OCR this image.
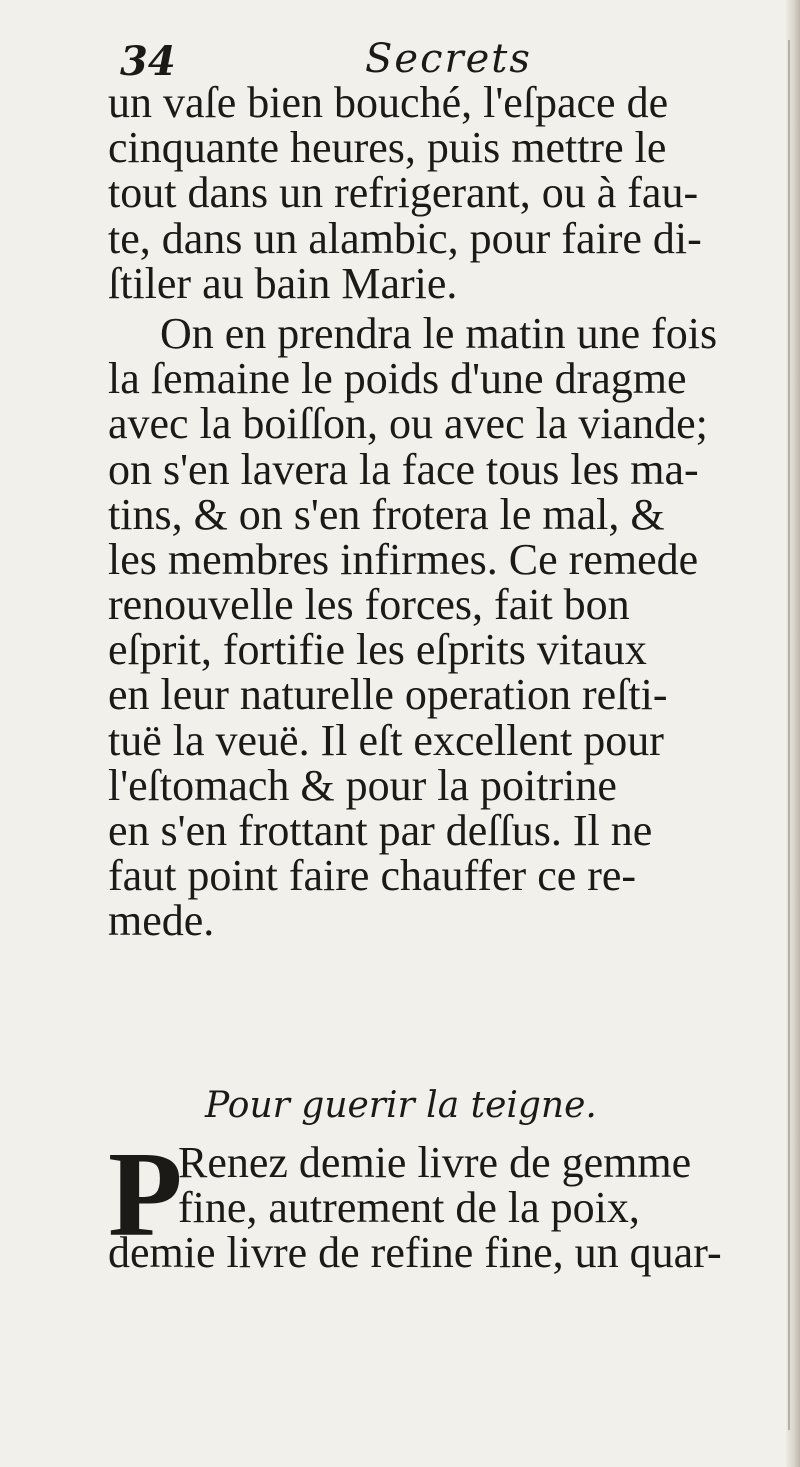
34	Secrets
un vaſe bien bouché, l'eſpace de
cinquante heures, puis mettre le
tout dans un refrigerant, ou à fau-
te, dans un alambic, pour faire di-
ſtiler au bain Marie.
On en prendra le matin une fois
la ſemaine le poids d'une dragme
avec la boiſſon, ou avec la viande;
on s'en lavera la face tous les ma-
tins, & on s'en frotera le mal, &
les membres infirmes. Ce remede
renouvelle les forces, fait bon
eſprit, fortifie les eſprits vitaux
en leur naturelle operation reſti-
tuë la veuë. Il eſt excellent pour
l'eſtomach & pour la poitrine
en s'en frottant par deſſus. Il ne
faut point faire chauffer ce re-
mede.
Pour guerir la teigne.
P
Renez demie livre de gemme
fine, autrement de la poix,
demie livre de refine fine, un quar-
